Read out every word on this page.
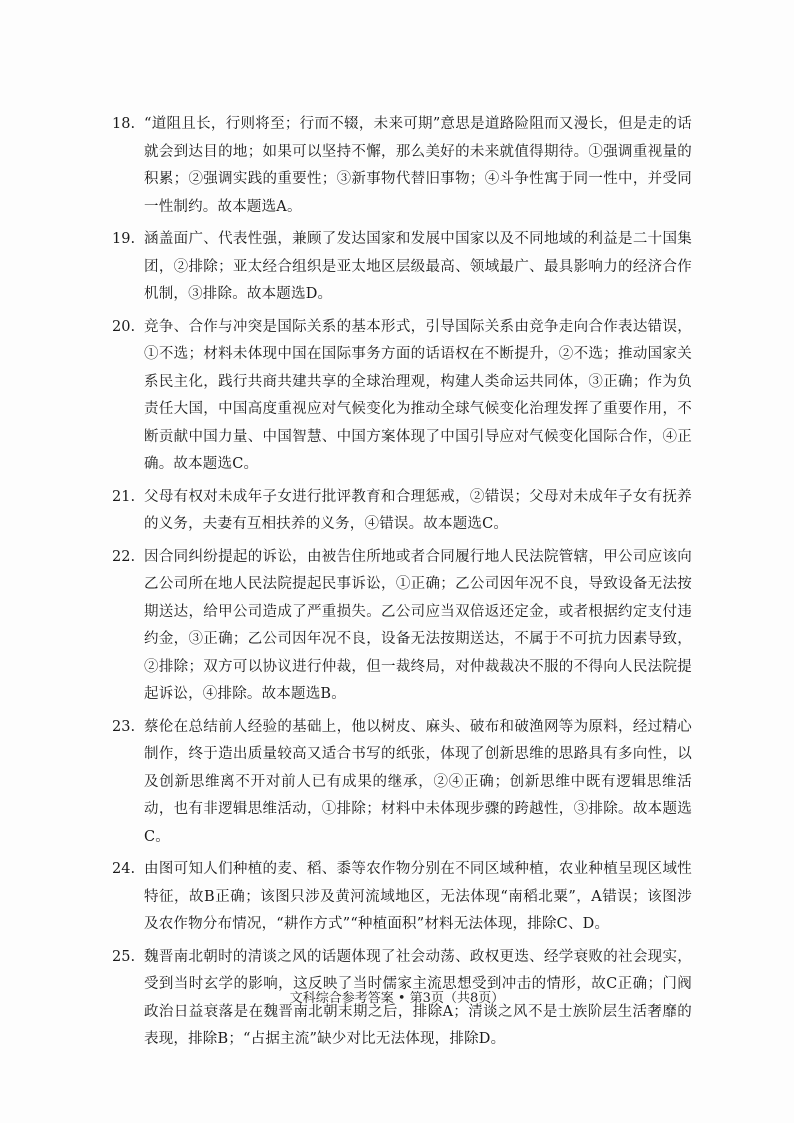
18. “道阻且长，行则将至；行而不辍，未来可期”意思是道路险阻而又漫长，但是走的话就会到达目的地；如果可以坚持不懈，那么美好的未来就值得期待。①强调重视量的积累；②强调实践的重要性；③新事物代替旧事物；④斗争性寓于同一性中，并受同一性制约。故本题选A。
19. 涵盖面广、代表性强，兼顾了发达国家和发展中国家以及不同地域的利益是二十国集团，②排除；亚太经合组织是亚太地区层级最高、领域最广、最具影响力的经济合作机制，③排除。故本题选D。
20. 竞争、合作与冲突是国际关系的基本形式，引导国际关系由竞争走向合作表达错误，①不选；材料未体现中国在国际事务方面的话语权在不断提升，②不选；推动国家关系民主化，践行共商共建共享的全球治理观，构建人类命运共同体，③正确；作为负责任大国，中国高度重视应对气候变化为推动全球气候变化治理发挥了重要作用，不断贡献中国力量、中国智慧、中国方案体现了中国引导应对气候变化国际合作，④正确。故本题选C。
21. 父母有权对未成年子女进行批评教育和合理惩戒，②错误；父母对未成年子女有抚养的义务，夫妻有互相扶养的义务，④错误。故本题选C。
22. 因合同纠纷提起的诉讼，由被告住所地或者合同履行地人民法院管辖，甲公司应该向乙公司所在地人民法院提起民事诉讼，①正确；乙公司因年况不良，导致设备无法按期送达，给甲公司造成了严重损失。乙公司应当双倍返还定金，或者根据约定支付违约金，③正确；乙公司因年况不良，设备无法按期送达，不属于不可抗力因素导致，②排除；双方可以协议进行仲裁，但一裁终局，对仲裁裁决不服的不得向人民法院提起诉讼，④排除。故本题选B。
23. 蔡伦在总结前人经验的基础上，他以树皮、麻头、破布和破渔网等为原料，经过精心制作，终于造出质量较高又适合书写的纸张，体现了创新思维的思路具有多向性，以及创新思维离不开对前人已有成果的继承，②④正确；创新思维中既有逻辑思维活动，也有非逻辑思维活动，①排除；材料中未体现步骤的跨越性，③排除。故本题选C。
24. 由图可知人们种植的麦、稻、黍等农作物分别在不同区域种植，农业种植呈现区域性特征，故B正确；该图只涉及黄河流域地区，无法体现“南稻北粟”，A错误；该图涉及农作物分布情况，“耕作方式”“种植面积”材料无法体现，排除C、D。
25. 魏晋南北朝时的清谈之风的话题体现了社会动荡、政权更迭、经学衰败的社会现实，受到当时玄学的影响，这反映了当时儒家主流思想受到冲击的情形，故C正确；门阀政治日益衰落是在魏晋南北朝末期之后，排除A；清谈之风不是士族阶层生活奢靡的表现，排除B；“占据主流”缺少对比无法体现，排除D。
文科综合参考答案 • 第3页（共8页）
